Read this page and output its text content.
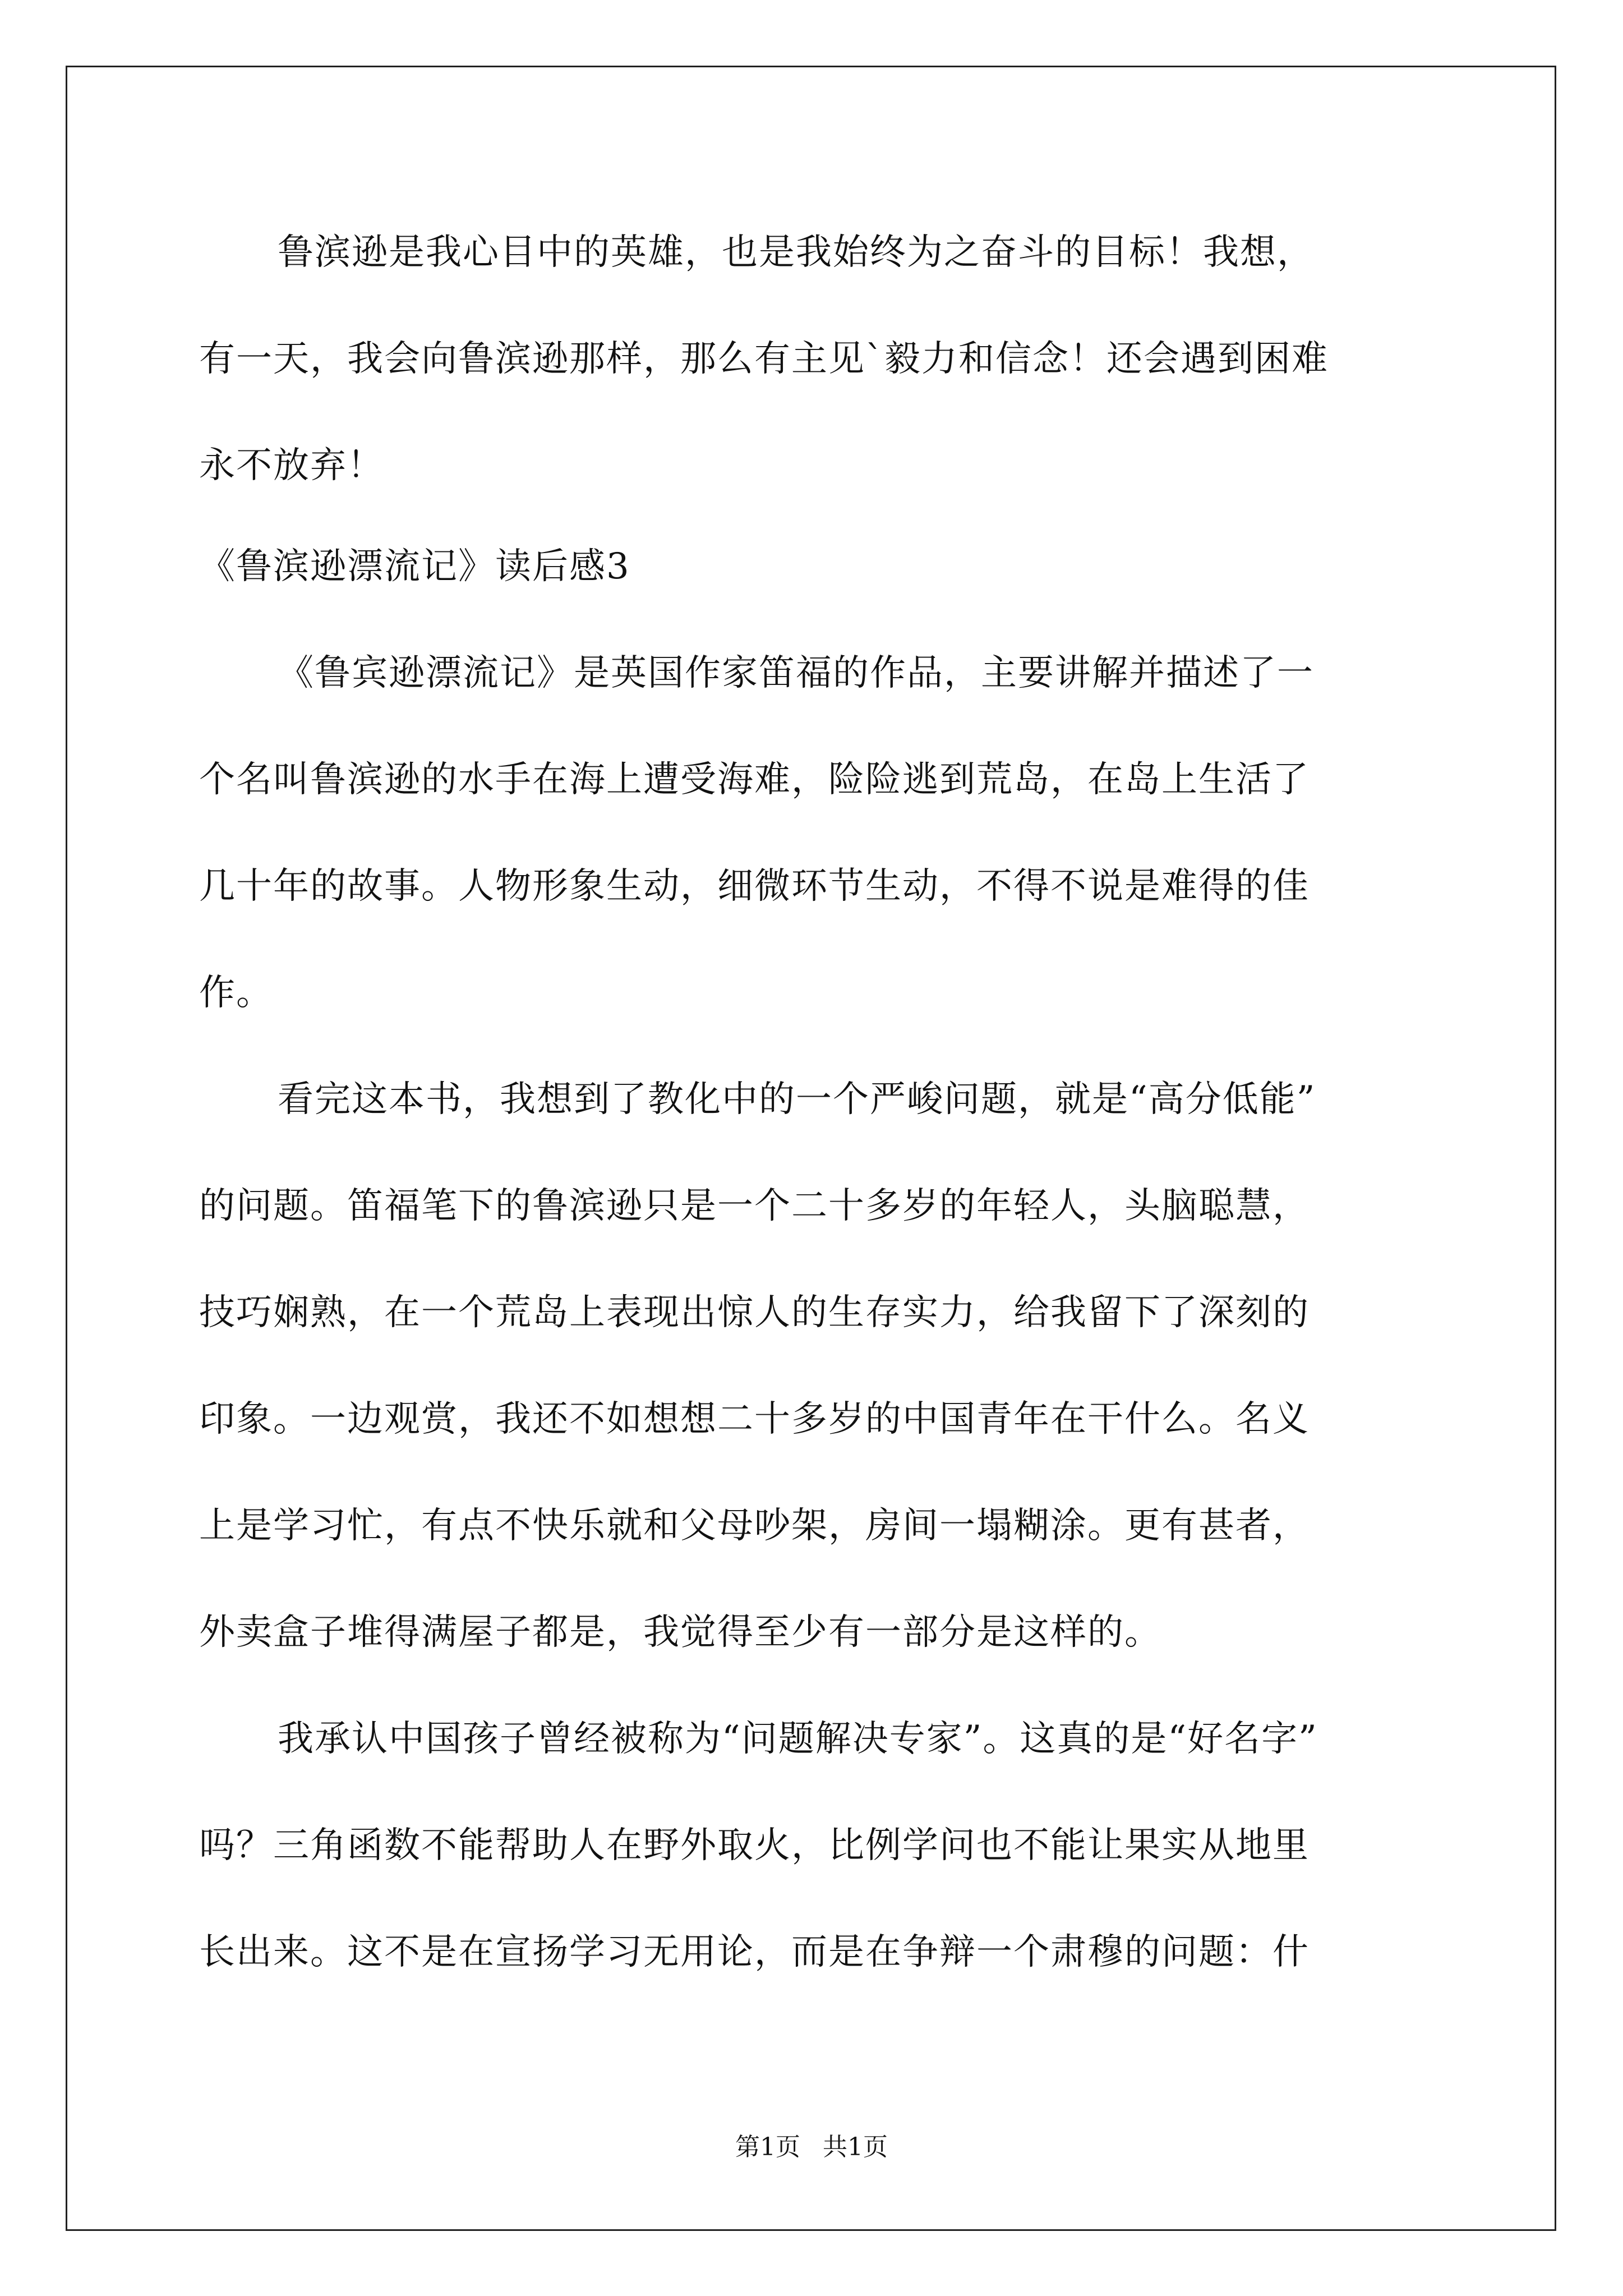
鲁滨逊是我心目中的英雄，也是我始终为之奋斗的目标！我想，
有一天，我会向鲁滨逊那样，那么有主见`毅力和信念！还会遇到困难
永不放弃！
《鲁滨逊漂流记》读后感3
《鲁宾逊漂流记》是英国作家笛福的作品，主要讲解并描述了一
个名叫鲁滨逊的水手在海上遭受海难，险险逃到荒岛，在岛上生活了
几十年的故事。人物形象生动，细微环节生动，不得不说是难得的佳
作。
看完这本书，我想到了教化中的一个严峻问题，就是“高分低能”
的问题。笛福笔下的鲁滨逊只是一个二十多岁的年轻人，头脑聪慧，
技巧娴熟，在一个荒岛上表现出惊人的生存实力，给我留下了深刻的
印象。一边观赏，我还不如想想二十多岁的中国青年在干什么。名义
上是学习忙，有点不快乐就和父母吵架，房间一塌糊涂。更有甚者，
外卖盒子堆得满屋子都是，我觉得至少有一部分是这样的。
我承认中国孩子曾经被称为“问题解决专家”。这真的是“好名字”
吗？三角函数不能帮助人在野外取火，比例学问也不能让果实从地里
长出来。这不是在宣扬学习无用论，而是在争辩一个肃穆的问题：什
第1页 共1页
